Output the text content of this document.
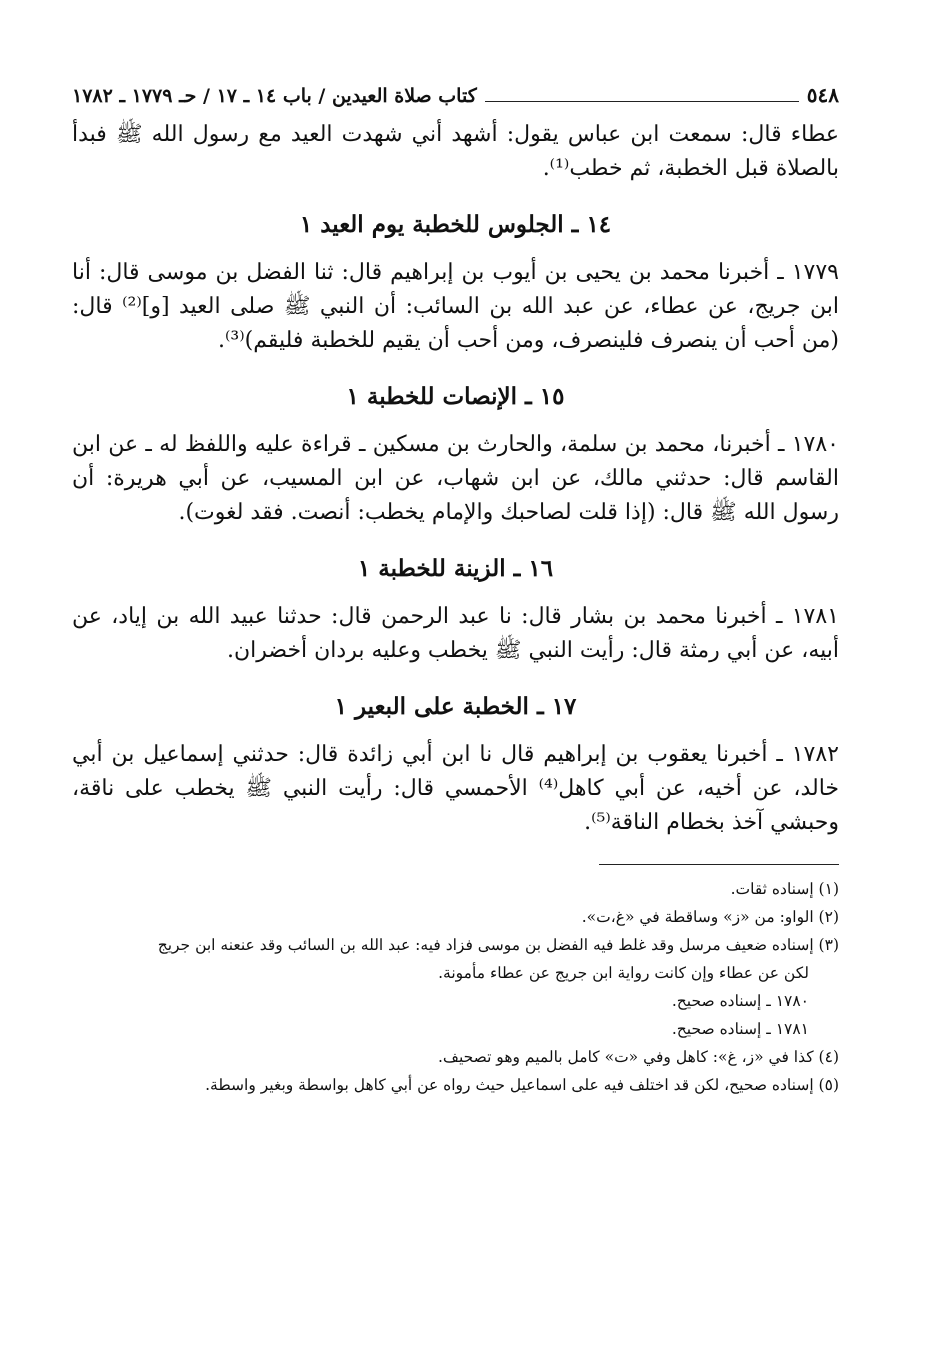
٥٤٨
كتاب صلاة العيدين / باب ١٤ ـ ١٧ / حـ ١٧٧٩ ـ ١٧٨٢

عطاء قال: سمعت ابن عباس يقول: أشهد أني شهدت العيد مع رسول الله ﷺ فبدأ بالصلاة قبل الخطبة، ثم خطب⁽¹⁾.

١٤ ـ الجلوس للخطبة يوم العيد ١

١٧٧٩ ـ أخبرنا محمد بن يحيى بن أيوب بن إبراهيم قال: ثنا الفضل بن موسى قال: أنا ابن جريج، عن عطاء، عن عبد الله بن السائب: أن النبي ﷺ صلى العيد [و]⁽²⁾ قال: (من أحب أن ينصرف فلينصرف، ومن أحب أن يقيم للخطبة فليقم)⁽³⁾.

١٥ ـ الإنصات للخطبة ١

١٧٨٠ ـ أخبرنا، محمد بن سلمة، والحارث بن مسكين ـ قراءة عليه واللفظ له ـ عن ابن القاسم قال: حدثني مالك، عن ابن شهاب، عن ابن المسيب، عن أبي هريرة: أن رسول الله ﷺ قال: (إذا قلت لصاحبك والإمام يخطب: أنصت. فقد لغوت).

١٦ ـ الزينة للخطبة ١

١٧٨١ ـ أخبرنا محمد بن بشار قال: نا عبد الرحمن قال: حدثنا عبيد الله بن إياد، عن أبيه، عن أبي رمثة قال: رأيت النبي ﷺ يخطب وعليه بردان أخضران.

١٧ ـ الخطبة على البعير ١

١٧٨٢ ـ أخبرنا يعقوب بن إبراهيم قال نا ابن أبي زائدة قال: حدثني إسماعيل بن أبي خالد، عن أخيه، عن أبي كاهل⁽⁴⁾ الأحمسي قال: رأيت النبي ﷺ يخطب على ناقة، وحبشي آخذ بخطام الناقة⁽⁵⁾.

(١) إسناده ثقات.

(٢) الواو: من «ز» وساقطة في «غ،ت».

(٣) إسناده ضعيف مرسل وقد غلط فيه الفضل بن موسى فزاد فيه: عبد الله بن السائب وقد عنعنه ابن جريج

لكن عن عطاء وإن كانت رواية ابن جريج عن عطاء مأمونة.

١٧٨٠ ـ إسناده صحيح.

١٧٨١ ـ إسناده صحيح.

(٤) كذا في «ز، غ»: كاهل وفي «ت» كامل بالميم وهو تصحيف.

(٥) إسناده صحيح، لكن قد اختلف فيه على اسماعيل حيث رواه عن أبي كاهل بواسطة وبغير واسطة.
